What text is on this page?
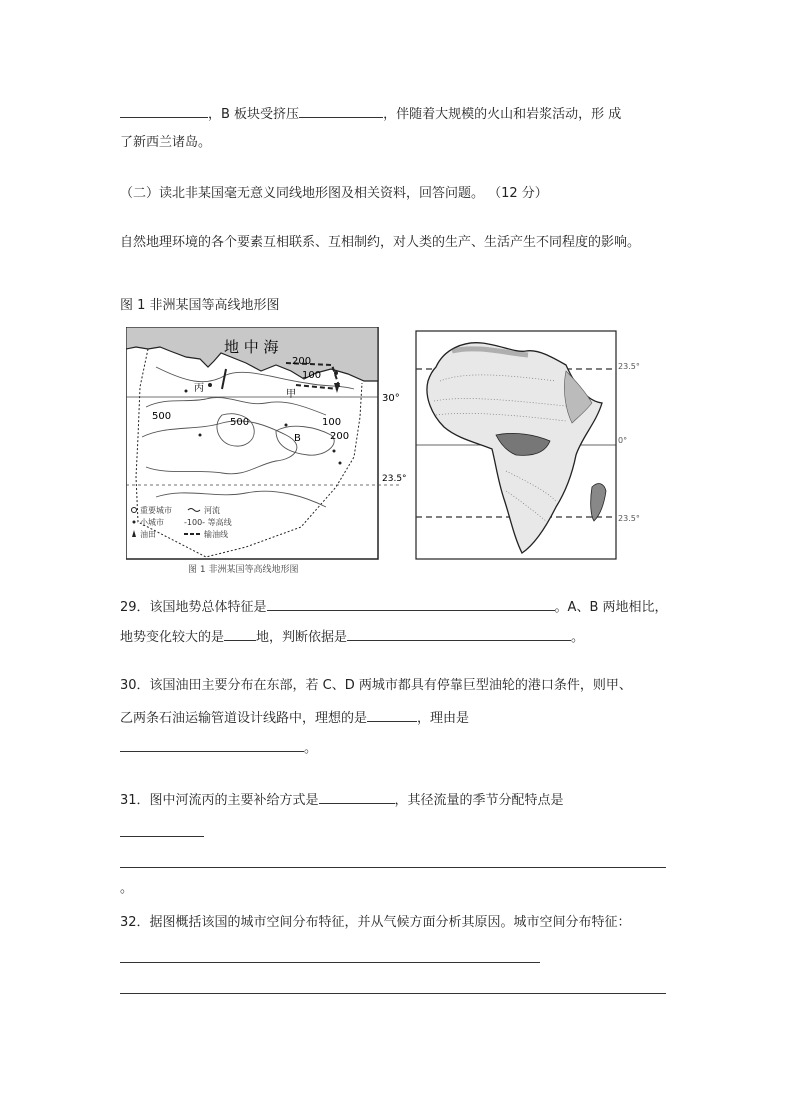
，B 板块受挤压	，伴随着大规模的火山和岩浆活动，形 成
了新西兰诸岛。
（二）读北非某国毫无意义同线地形图及相关资料，回答问题。 （12 分）
自然地理环境的各个要素互相联系、互相制约，对人类的生产、生活产生不同程度的影响。
图 1 非洲某国等高线地形图
地 中 海
30°
23.5°
甲
丙
200
100
500
500	100
200
B
重要城市	河流
小城市	-100- 等高线
油田	输油线
图 1 非洲某国等高线地形图
23.5°
0°
23.5°
29．该国地势总体特征是	。A、B 两地相比，
地势变化较大的是 地，判断依据是	。
30．该国油田主要分布在东部，若 C、D 两城市都具有停靠巨型油轮的港口条件，则甲、
乙两条石油运输管道设计线路中，理想的是	，理由是
。
31．图中河流丙的主要补给方式是	，其径流量的季节分配特点是
。
32．据图概括该国的城市空间分布特征，并从气候方面分析其原因。城市空间分布特征：
